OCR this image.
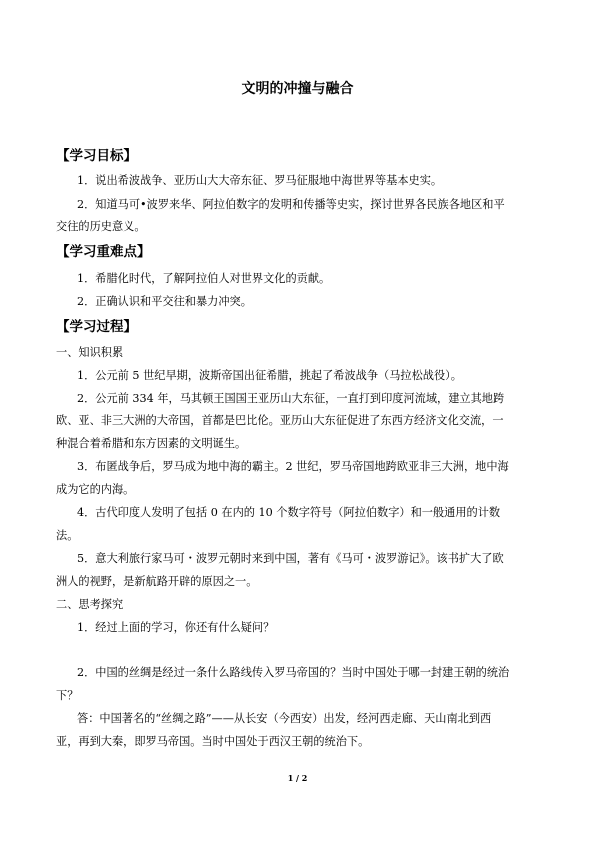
文明的冲撞与融合
【学习目标】
1．说出希波战争、亚历山大大帝东征、罗马征服地中海世界等基本史实。
2．知道马可•波罗来华、阿拉伯数字的发明和传播等史实，探讨世界各民族各地区和平
交往的历史意义。
【学习重难点】
1．希腊化时代，了解阿拉伯人对世界文化的贡献。
2．正确认识和平交往和暴力冲突。
【学习过程】
一、知识积累
1．公元前 5 世纪早期，波斯帝国出征希腊，挑起了希波战争（马拉松战役）。
2．公元前 334 年，马其顿王国国王亚历山大东征，一直打到印度河流域，建立其地跨
欧、亚、非三大洲的大帝国，首都是巴比伦。亚历山大东征促进了东西方经济文化交流，一
种混合着希腊和东方因素的文明诞生。
3．布匿战争后，罗马成为地中海的霸主。2 世纪，罗马帝国地跨欧亚非三大洲，地中海
成为它的内海。
4．古代印度人发明了包括 0 在内的 10 个数字符号（阿拉伯数字）和一般通用的计数
法。
5．意大利旅行家马可・波罗元朝时来到中国，著有《马可・波罗游记》。该书扩大了欧
洲人的视野，是新航路开辟的原因之一。
二、思考探究
1．经过上面的学习，你还有什么疑问？
2．中国的丝绸是经过一条什么路线传入罗马帝国的？当时中国处于哪一封建王朝的统治
下？
答：中国著名的“丝绸之路”——从长安（今西安）出发，经河西走廊、天山南北到西
亚，再到大秦，即罗马帝国。当时中国处于西汉王朝的统治下。
1 / 2
